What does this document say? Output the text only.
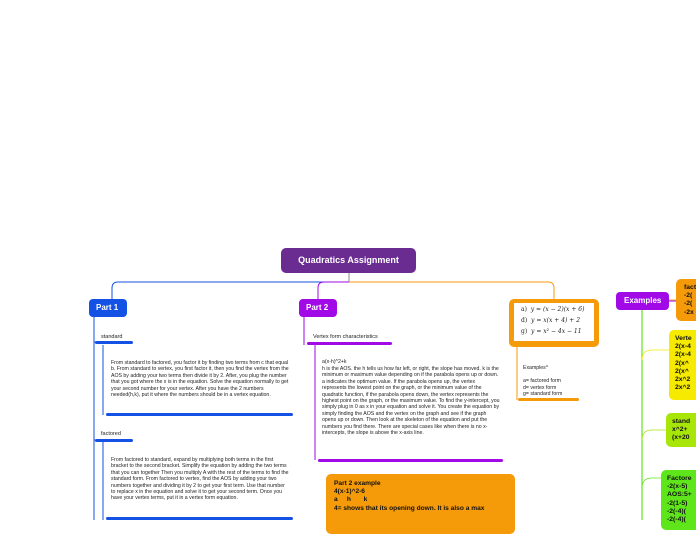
Quadratics Assignment
Part 1
standard
From standard to factored, you factor it by finding two terms from c that equal b. From standard to vertex, you first factor it, then you find the vertex from the AOS by adding your two terms then divide it by 2. After, you plug the number that you got where the x is in the equation. Solve the equation normally to get your second number for your vertex. After you have the 2 numbers needed(h,k), put it where the numbers should be in a vertex equation.
factored
From factored to standard, expand by multiplying both terms in the first bracket to the second bracket. Simplify the equation by adding the two terms that you can together Then you multiply A with the rest of the terms to find the standard form. From factored to vertex, find the AOS by adding your two numbers together and dividing it by 2 to get your first term. Use that number to replace x in the equation and solve it to get your second term. Once you have your vertex terms, put it in a vertex form equation.
Part 2
Vertex form characteristics
a(x-h)^2+k
h is the AOS. the h tells us how far left, or right, the slope has moved. k is the minimum or maximum value depending on if the parabola opens up or down. a indicates the optimum value. If the parabola opens up, the vertex represents the lowest point on the graph, or the minimum value of the quadratic function, if the parabola opens down, the vertex represents the highest point on the graph, or the maximum value. To find the y-intercept, you simply plug in 0 as x in your equation and solve it. You create the equation by simply finding the AOS and the vertex on the graph and see if the graph opens up or down. Then look at the skeleton of the equation and put the numbers you find there. There are special cases like when there is no x-intercepts, the slope is above the x-axis line.
Part 2 example
4(x-1)^2-6
a     h       k
4= shows that its opening down. It is also a max
a) y = (x − 2)(x + 6)
d) y = x(x + 4) + 2
g) y = x² − 4x − 11
Examples^
a= factored form
d= vertex form
g= standard form
Examples
fact
-2(
-2(
-2x
Verte
2(x-4
2(x-4
2(x^
2(x^
2x^2
2x^2
stand
x^2+
(x+20
Factore
-2(x-5)
AOS:5+
-2(1-5)
-2(-4)(
-2(-4)(
